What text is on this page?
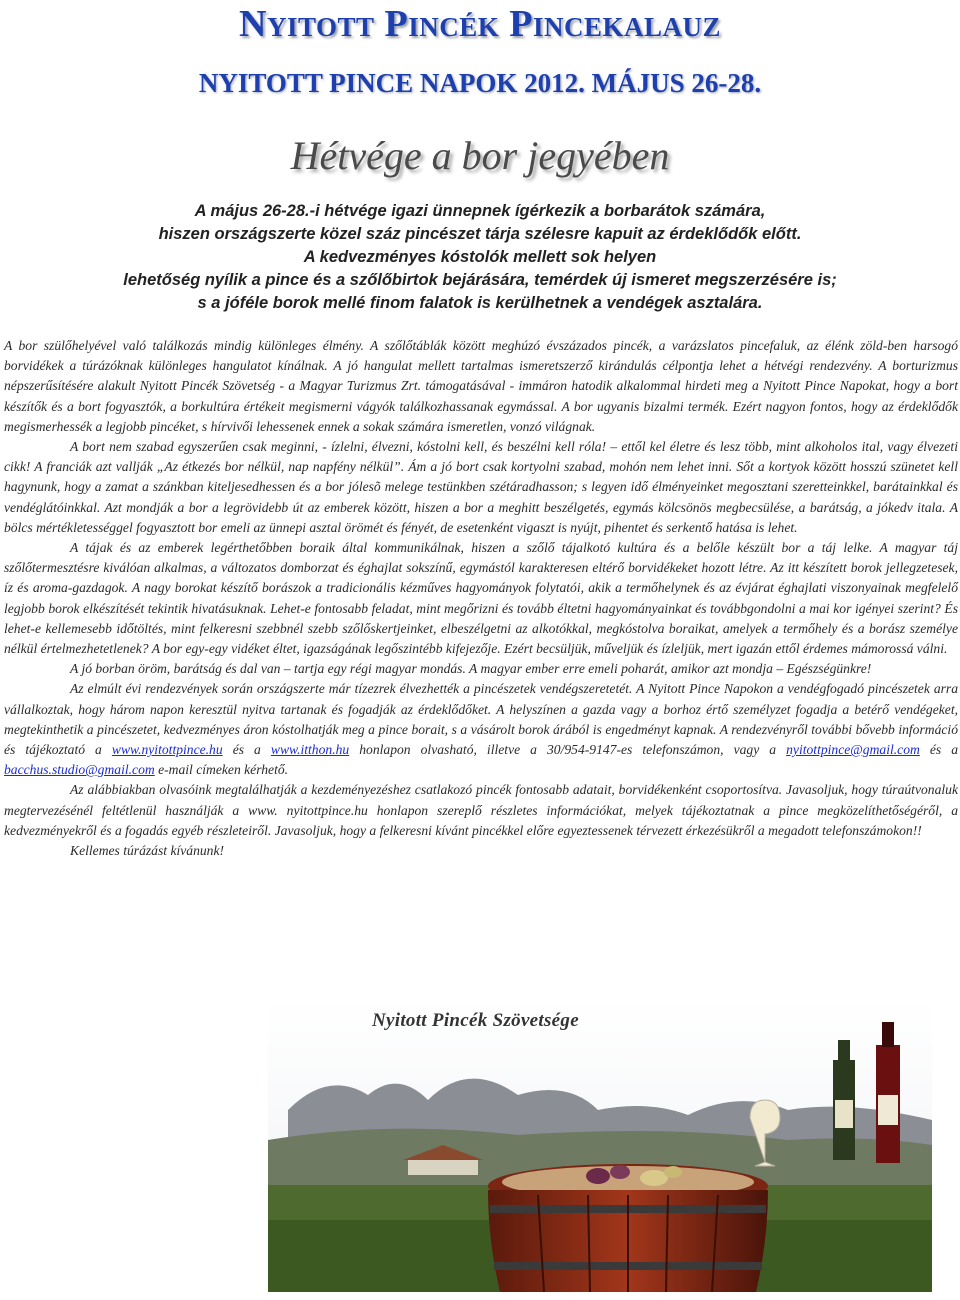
Nyitott Pincék Pincekalauz
NYITOTT PINCE NAPOK 2012. MÁJUS 26-28.
Hétvége a bor jegyében
A május 26-28.-i hétvége igazi ünnepnek ígérkezik a borbarátok számára,
hiszen országszerte közel száz pincészet tárja szélesre kapuit az érdeklődők előtt.
A kedvezményes kóstolók mellett sok helyen
lehetőség nyílik a pince és a szőlőbirtok bejárására, temérdek új ismeret megszerzésére is;
s a jóféle borok mellé finom falatok is kerülhetnek a vendégek asztalára.

A bor szülőhelyével való találkozás mindig különleges élmény. A szőlőtáblák között meghúzó évszázados pincék, a varázslatos pincefaluk, az élénk zöld-ben harsogó borvidékek a túrázóknak különleges hangulatot kínálnak. A jó hangulat mellett tartalmas ismeretszerző kirándulás célpontja lehet a hétvégi rendezvény. A borturizmus népszerűsítésére alakult Nyitott Pincék Szövetség - a Magyar Turizmus Zrt. támogatásával - immáron hatodik alkalommal hirdeti meg a Nyitott Pince Napokat, hogy a bort készítők és a bort fogyasztók, a borkultúra értékeit megismerni vágyók találkozhassanak egymással. A bor ugyanis bizalmi termék. Ezért nagyon fontos, hogy az érdeklődők megismerhessék a legjobb pincéket, s hírvivői lehessenek ennek a sokak számára ismeretlen, vonzó világnak.

A bort nem szabad egyszerűen csak meginni, - ízlelni, élvezni, kóstolni kell, és beszélni kell róla! – ettől kel életre és lesz több, mint alkoholos ital, vagy élvezeti cikk! A franciák azt vallják „Az étkezés bor nélkül, nap napfény nélkül”. Ám a jó bort csak kortyolni szabad, mohón nem lehet inni. Sőt a kortyok között hosszú szünetet kell hagynunk, hogy a zamat a szánkban kiteljesedhessen és a bor jólesõ melege testünkben szétáradhasson; s legyen idő élményeinket megosztani szeretteinkkel, barátainkkal és vendéglátóinkkal. Azt mondják a bor a legrövidebb út az emberek között, hiszen a bor a meghitt beszélgetés, egymás kölcsönös megbecsülése, a barátság, a jókedv itala. A bölcs mértékletességgel fogyasztott bor emeli az ünnepi asztal örömét és fényét, de esetenként vigaszt is nyújt, pihentet és serkentő hatása is lehet.

A tájak és az emberek legérthetőbben boraik által kommunikálnak, hiszen a szőlő tájalkotó kultúra és a belőle készült bor a táj lelke. A magyar táj szőlőtermesztésre kiválóan alkalmas, a változatos domborzat és éghajlat sokszínű, egymástól karakteresen eltérő borvidékeket hozott létre. Az itt készített borok jellegzetesek, íz és aroma-gazdagok. A nagy borokat készítő borászok a tradicionális kézműves hagyományok folytatói, akik a termőhelynek és az évjárat éghajlati viszonyainak megfelelő legjobb borok elkészítését tekintik hivatásuknak. Lehet-e fontosabb feladat, mint megőrizni és tovább éltetni hagyományainkat és továbbgondolni a mai kor igényei szerint? És lehet-e kellemesebb időtöltés, mint felkeresni szebbnél szebb szőlőskertjeinket, elbeszélgetni az alkotókkal, megkóstolva boraikat, amelyek a termőhely és a borász személye nélkül értelmezhetetlenek? A bor egy-egy vidéket éltet, igazságának legőszintébb kifejezője. Ezért becsüljük, műveljük és ízleljük, mert igazán ettől érdemes mámorossá válni.

A jó borban öröm, barátság és dal van – tartja egy régi magyar mondás. A magyar ember erre emeli poharát, amikor azt mondja – Egészségünkre!

Az elmúlt évi rendezvények során országszerte már tízezrek élvezhették a pincészetek vendégszeretetét. A Nyitott Pince Napokon a vendégfogadó pincészetek arra vállalkoztak, hogy három napon keresztül nyitva tartanak és fogadják az érdeklődőket. A helyszínen a gazda vagy a borhoz értő személyzet fogadja a betérő vendégeket, megtekinthetik a pincészetet, kedvezményes áron kóstolhatják meg a pince borait, s a vásárolt borok árából is engedményt kapnak. A rendezvényről további bővebb információ és tájékoztató a www.nyitottpince.hu és a www.itthon.hu honlapon olvasható, illetve a 30/954-9147-es telefonszámon, vagy a nyitottpince@gmail.com és a bacchus.studio@gmail.com e-mail címeken kérhető.

Az alábbiakban olvasóink megtalálhatják a kezdeményezéshez csatlakozó pincék fontosabb adatait, borvidékenként csoportosítva. Javasoljuk, hogy túraútvonaluk megtervezésénél feltétlenül használják a www. nyitottpince.hu honlapon szereplő részletes információkat, melyek tájékoztatnak a pince megközelíthetőségéről, a kedvezményekről és a fogadás egyéb részleteiről. Javasoljuk, hogy a felkeresni kívánt pincékkel előre egyeztessenek térvezett érkezésükről a megadott telefonszámokon!!

Kellemes túrázást kívánunk!

Nyitott Pincék Szövetsége
